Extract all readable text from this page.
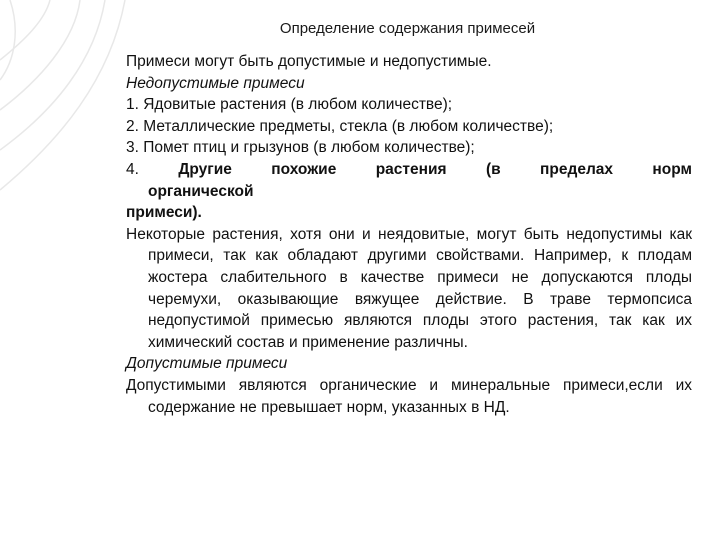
Определение содержания примесей

Примеси могут быть допустимые и недопустимые.

Недопустимые примеси

1. Ядовитые растения (в любом количестве);

2. Металлические предметы, стекла (в любом количестве);

3. Помет птиц и грызунов (в любом количестве);

4.	Другие похожие растения (в пределах норм

органической

примеси).

Некоторые растения, хотя они и неядовитые, могут быть недопустимы как примеси, так как обладают другими свойствами. Например, к плодам жостера слабительного в качестве примеси не допускаются плоды черемухи, оказывающие вяжущее действие. В траве термопсиса недопустимой примесью являются плоды этого растения, так как их химический состав и применение различны.

Допустимые примеси

Допустимыми являются органические и минеральные примеси,если их содержание не превышает норм, указанных в НД.
